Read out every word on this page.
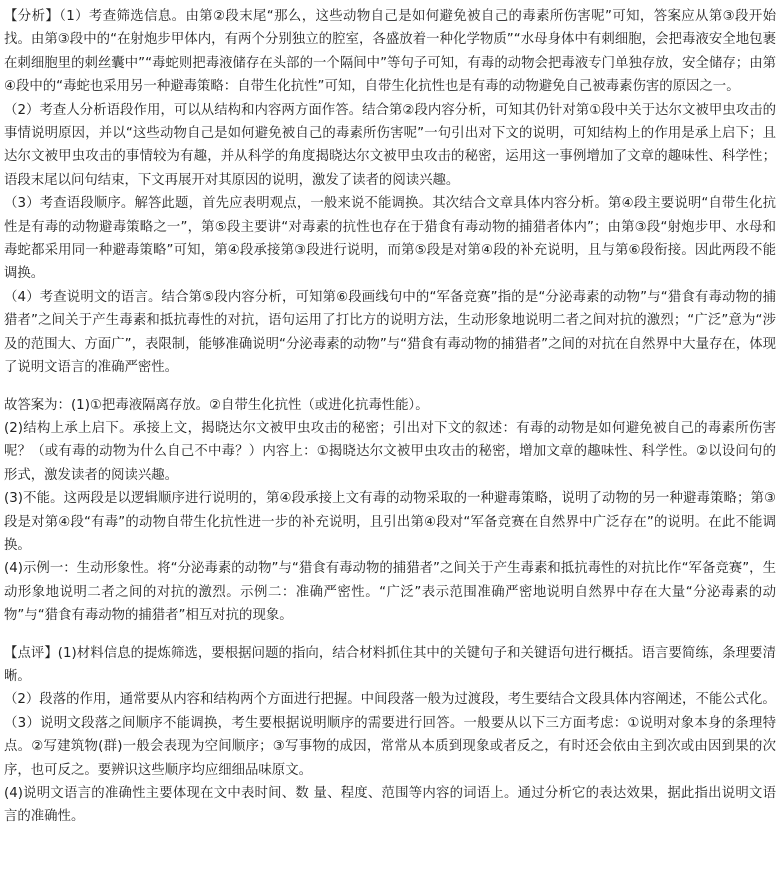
【分析】（1）考查筛选信息。由第②段末尾“那么，这些动物自己是如何避免被自己的毒素所伤害呢”可知，答案应从第③段开始找。由第③段中的“在射炮步甲体内，有两个分别独立的腔室，各盛放着一种化学物质”“水母身体中有刺细胞，会把毒液安全地包裹在刺细胞里的刺丝囊中”“毒蛇则把毒液储存在头部的一个隔间中”等句子可知，有毒的动物会把毒液专门单独存放，安全储存；由第④段中的“毒蛇也采用另一种避毒策略：自带生化抗性”可知，自带生化抗性也是有毒的动物避免自己被毒素伤害的原因之一。

（2）考查人分析语段作用，可以从结构和内容两方面作答。结合第②段内容分析，可知其仍针对第①段中关于达尔文被甲虫攻击的事情说明原因，并以“这些动物自己是如何避免被自己的毒素所伤害呢”一句引出对下文的说明，可知结构上的作用是承上启下；且达尔文被甲虫攻击的事情较为有趣，并从科学的角度揭晓达尔文被甲虫攻击的秘密，运用这一事例增加了文章的趣味性、科学性；语段末尾以问句结束，下文再展开对其原因的说明，激发了读者的阅读兴趣。

（3）考查语段顺序。解答此题，首先应表明观点，一般来说不能调换。其次结合文章具体内容分析。第④段主要说明“自带生化抗性是有毒的动物避毒策略之一”，第⑤段主要讲“对毒素的抗性也存在于猎食有毒动物的捕猎者体内”；由第③段“射炮步甲、水母和毒蛇都采用同一种避毒策略”可知，第④段承接第③段进行说明，而第⑤段是对第④段的补充说明，且与第⑥段衔接。因此两段不能调换。

（4）考查说明文的语言。结合第⑤段内容分析，可知第⑥段画线句中的“军备竞赛”指的是“分泌毒素的动物”与“猎食有毒动物的捕猎者”之间关于产生毒素和抵抗毒性的对抗，语句运用了打比方的说明方法，生动形象地说明二者之间对抗的激烈；“广泛”意为“涉及的范围大、方面广”，表限制，能够准确说明“分泌毒素的动物”与“猎食有毒动物的捕猎者”之间的对抗在自然界中大量存在，体现了说明文语言的准确严密性。

故答案为：(1)①把毒液隔离存放。②自带生化抗性（或进化抗毒性能）。

(2)结构上承上启下。承接上文，揭晓达尔文被甲虫攻击的秘密；引出对下文的叙述：有毒的动物是如何避免被自己的毒素所伤害呢？（或有毒的动物为什么自己不中毒？）内容上：①揭晓达尔文被甲虫攻击的秘密，增加文章的趣味性、科学性。②以设问句的形式，激发读者的阅读兴趣。

(3)不能。这两段是以逻辑顺序进行说明的，第④段承接上文有毒的动物采取的一种避毒策略，说明了动物的另一种避毒策略；第③段是对第④段“有毒”的动物自带生化抗性进一步的补充说明，且引出第④段对“军备竞赛在自然界中广泛存在”的说明。在此不能调换。

(4)示例一：生动形象性。将“分泌毒素的动物”与“猎食有毒动物的捕猎者”之间关于产生毒素和抵抗毒性的对抗比作“军备竞赛”，生动形象地说明二者之间的对抗的激烈。示例二：准确严密性。“广泛”表示范围准确严密地说明自然界中存在大量“分泌毒素的动物”与“猎食有毒动物的捕猎者”相互对抗的现象。

【点评】(1)材料信息的提炼筛选，要根据问题的指向，结合材料抓住其中的关键句子和关键语句进行概括。语言要简练，条理要清晰。

（2）段落的作用，通常要从内容和结构两个方面进行把握。中间段落一般为过渡段，考生要结合文段具体内容阐述，不能公式化。

（3）说明文段落之间顺序不能调换，考生要根据说明顺序的需要进行回答。一般要从以下三方面考虑：①说明对象本身的条理特点。②写建筑物(群)一般会表现为空间顺序；③写事物的成因，常常从本质到现象或者反之，有时还会依由主到次或由因到果的次序，也可反之。要辨识这些顺序均应细细品味原文。

(4)说明文语言的准确性主要体现在文中表时间、数 量、程度、范围等内容的词语上。通过分析它的表达效果，据此指出说明文语言的准确性。
